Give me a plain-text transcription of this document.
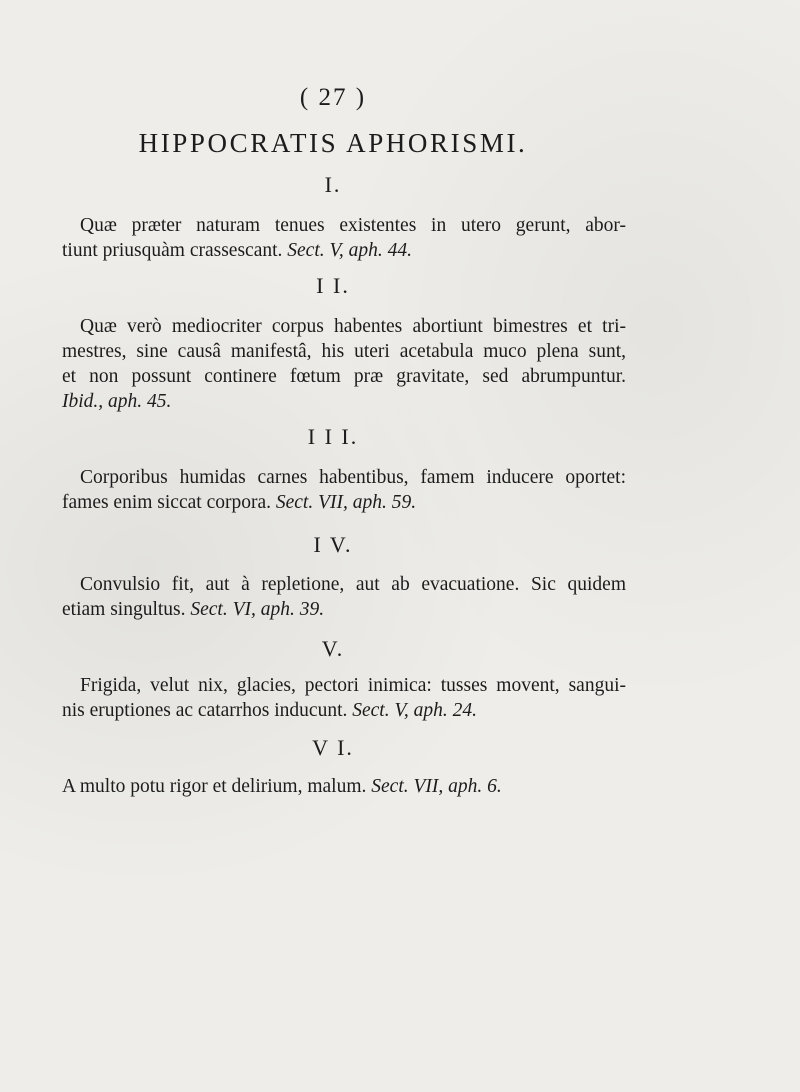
( 27 )
HIPPOCRATIS APHORISMI.
I.
Quæ præter naturam tenues existentes in utero gerunt, abor-
tiunt priusquàm crassescant. Sect. V, aph. 44.
I I.
Quæ verò mediocriter corpus habentes abortiunt bimestres et tri-
mestres, sine causâ manifestâ, his uteri acetabula muco plena sunt,
et non possunt continere fœtum præ gravitate, sed abrumpuntur.
Ibid., aph. 45.
I I I.
Corporibus humidas carnes habentibus, famem inducere oportet:
fames enim siccat corpora. Sect. VII, aph. 59.
I V.
Convulsio fit, aut à repletione, aut ab evacuatione. Sic quidem
etiam singultus. Sect. VI, aph. 39.
V.
Frigida, velut nix, glacies, pectori inimica: tusses movent, sangui-
nis eruptiones ac catarrhos inducunt. Sect. V, aph. 24.
V I.
A multo potu rigor et delirium, malum. Sect. VII, aph. 6.
